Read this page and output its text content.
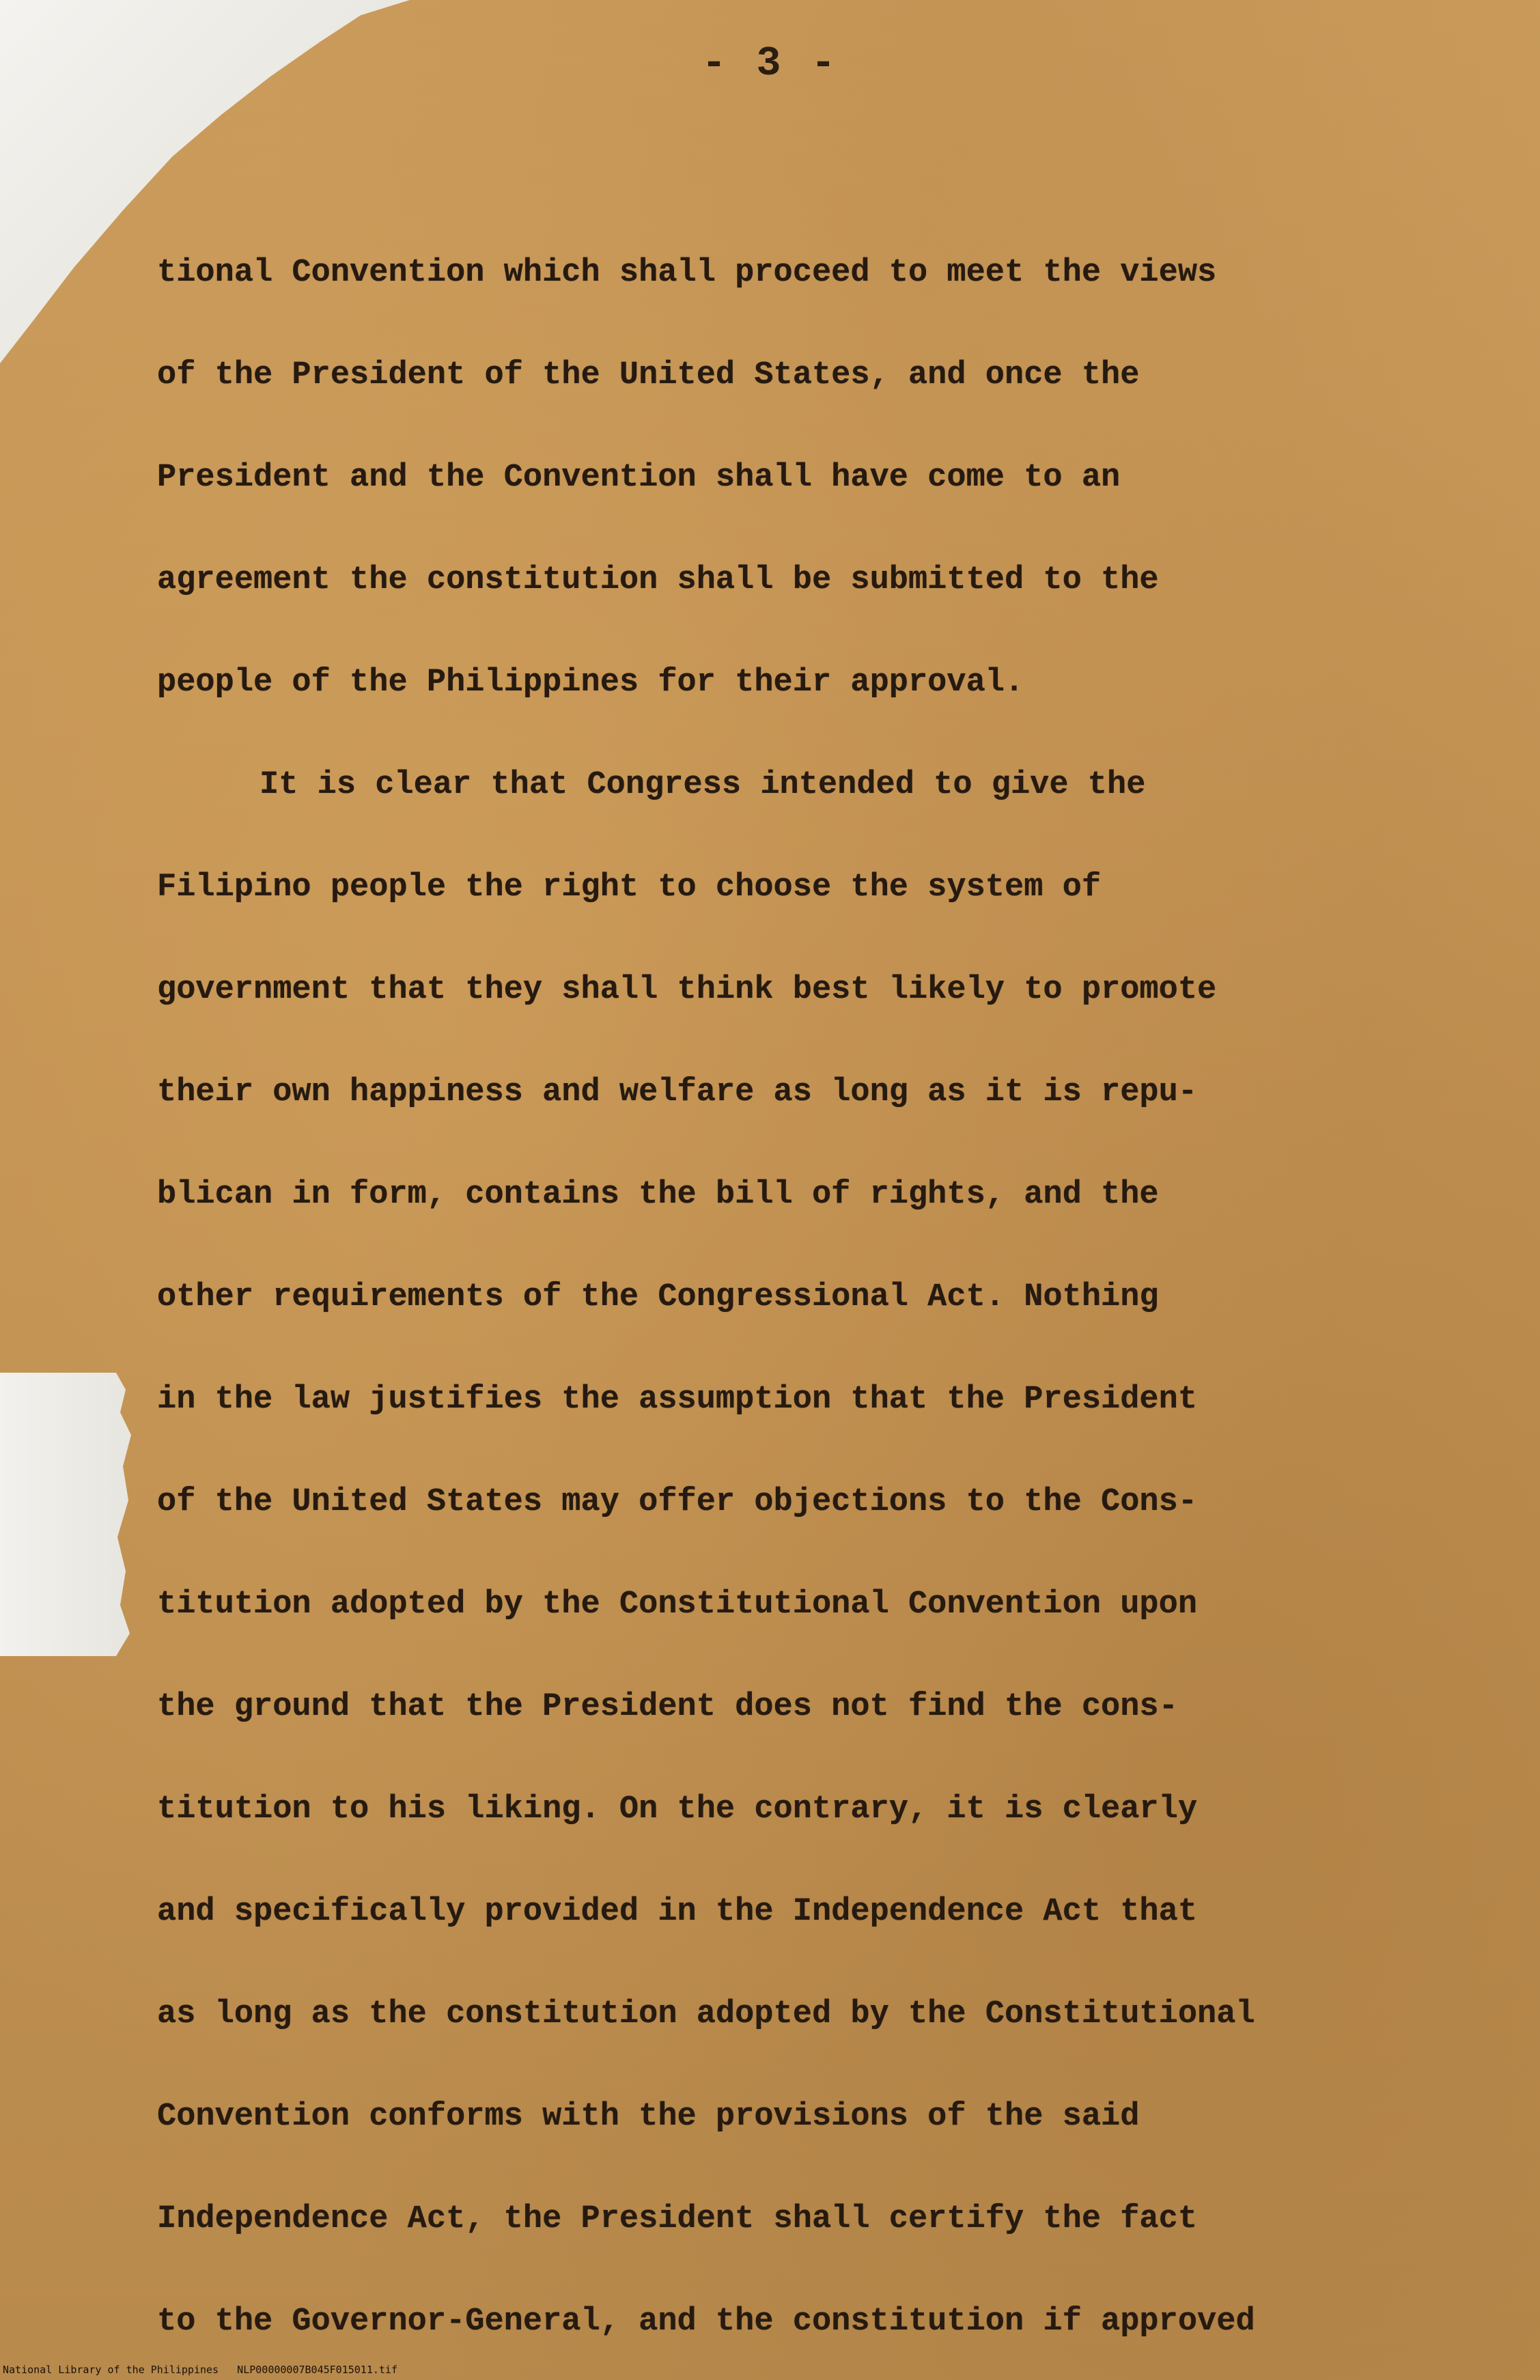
- 3 -
tional Convention which shall proceed to meet the views
of the President of the United States, and once the
President and the Convention shall have come to an
agreement the constitution shall be submitted to the
people of the Philippines for their approval.
It is clear that Congress intended to give the
Filipino people the right to choose the system of
government that they shall think best likely to promote
their own happiness and welfare as long as it is repu-
blican in form, contains the bill of rights, and the
other requirements of the Congressional Act. Nothing
in the law justifies the assumption that the President
of the United States may offer objections to the Cons-
titution adopted by the Constitutional Convention upon
the ground that the President does not find the cons-
titution to his liking. On the contrary, it is clearly
and specifically provided in the Independence Act that
as long as the constitution adopted by the Constitutional
Convention conforms with the provisions of the said
Independence Act, the President shall certify the fact
to the Governor-General, and the constitution if approved
National Library of the Philippines   NLP00000007B045F015011.tif
